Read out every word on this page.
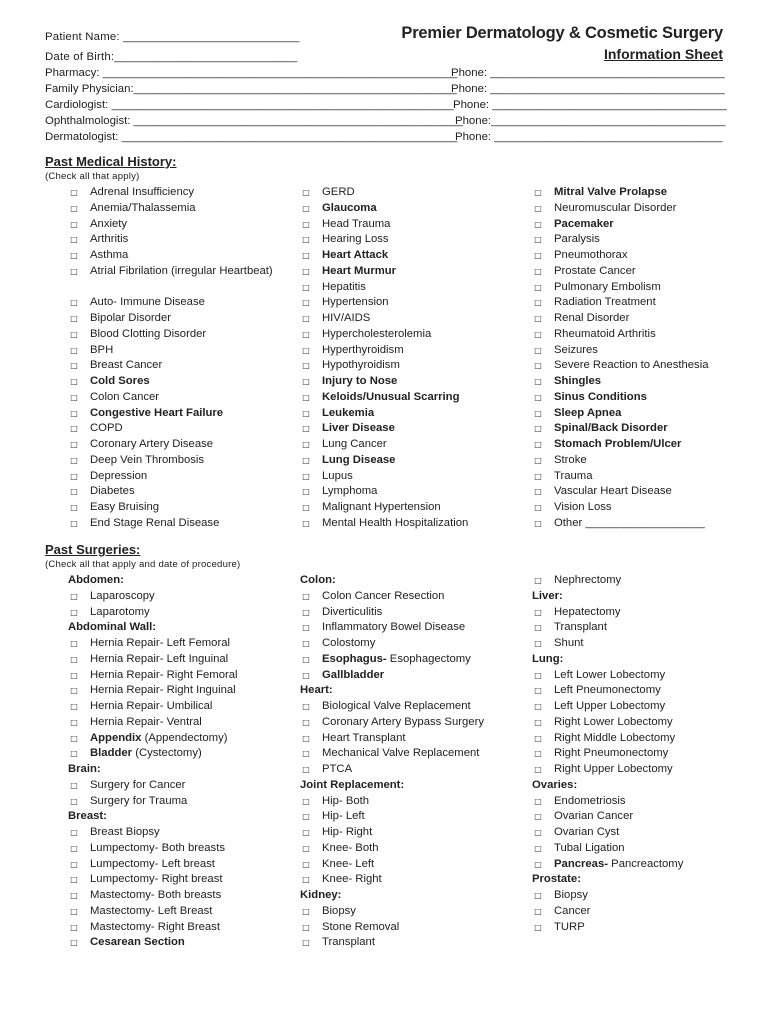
Patient Name: ___________________________
Date of Birth:____________________________
Premier Dermatology & Cosmetic Surgery
Information Sheet
Pharmacy: ________________________________________________________
Phone: _____________________________________
Family Physician:___________________________________________________
Phone: _____________________________________
Cardiologist: ______________________________________________________ Phone: _____________________________________
Ophthalmologist: ____________________________________________________
Phone:_____________________________________
Dermatologist: _____________________________________________________
Phone: ____________________________________
Past Medical History:
(Check all that apply)
□ Adrenal Insufficiency
□ Anemia/Thalassemia
□ Anxiety
□ Arthritis
□ Asthma
□ Atrial Fibrilation (irregular Heartbeat)
□ Auto- Immune Disease
□ Bipolar Disorder
□ Blood Clotting Disorder
□ BPH
□ Breast Cancer
□ Cold Sores
□ Colon Cancer
□ Congestive Heart Failure
□ COPD
□ Coronary Artery Disease
□ Deep Vein Thrombosis
□ Depression
□ Diabetes
□ Easy Bruising
□ End Stage Renal Disease
□ GERD
□ Glaucoma
□ Head Trauma
□ Hearing Loss
□ Heart Attack
□ Heart Murmur
□ Hepatitis
□ Hypertension
□ HIV/AIDS
□ Hypercholesterolemia
□ Hyperthyroidism
□ Hypothyroidism
□ Injury to Nose
□ Keloids/Unusual Scarring
□ Leukemia
□ Liver Disease
□ Lung Cancer
□ Lung Disease
□ Lupus
□ Lymphoma
□ Malignant Hypertension
□ Mental Health Hospitalization
□ Mitral Valve Prolapse
□ Neuromuscular Disorder
□ Pacemaker
□ Paralysis
□ Pneumothorax
□ Prostate Cancer
□ Pulmonary Embolism
□ Radiation Treatment
□ Renal Disorder
□ Rheumatoid Arthritis
□ Seizures
□ Severe Reaction to Anesthesia
□ Shingles
□ Sinus Conditions
□ Sleep Apnea
□ Spinal/Back Disorder
□ Stomach Problem/Ulcer
□ Stroke
□ Trauma
□ Vascular Heart Disease
□ Vision Loss
□ Other ___________________
Past Surgeries:
(Check all that apply and date of procedure)
Abdomen:
□ Laparoscopy
□ Laparotomy
Abdominal Wall:
□ Hernia Repair- Left Femoral
□ Hernia Repair- Left Inguinal
□ Hernia Repair- Right Femoral
□ Hernia Repair- Right Inguinal
□ Hernia Repair- Umbilical
□ Hernia Repair- Ventral
□ Appendix (Appendectomy)
□ Bladder (Cystectomy)
Brain:
□ Surgery for Cancer
□ Surgery for Trauma
Breast:
□ Breast Biopsy
□ Lumpectomy- Both breasts
□ Lumpectomy- Left breast
□ Lumpectomy- Right breast
□ Mastectomy- Both breasts
□ Mastectomy- Left Breast
□ Mastectomy- Right Breast
□ Cesarean Section
Colon:
□ Colon Cancer Resection
□ Diverticulitis
□ Inflammatory Bowel Disease
□ Colostomy
□ Esophagus- Esophagectomy
□ Gallbladder
Heart:
□ Biological Valve Replacement
□ Coronary Artery Bypass Surgery
□ Heart Transplant
□ Mechanical Valve Replacement
□ PTCA
Joint Replacement:
□ Hip- Both
□ Hip- Left
□ Hip- Right
□ Knee- Both
□ Knee- Left
□ Knee- Right
Kidney:
□ Biopsy
□ Stone Removal
□ Transplant
□ Nephrectomy
Liver:
□ Hepatectomy
□ Transplant
□ Shunt
Lung:
□ Left Lower Lobectomy
□ Left Pneumonectomy
□ Left Upper Lobectomy
□ Right Lower Lobectomy
□ Right Middle Lobectomy
□ Right Pneumonectomy
□ Right Upper Lobectomy
Ovaries:
□ Endometriosis
□ Ovarian Cancer
□ Ovarian Cyst
□ Tubal Ligation
□ Pancreas- Pancreactomy
Prostate:
□ Biopsy
□ Cancer
□ TURP
